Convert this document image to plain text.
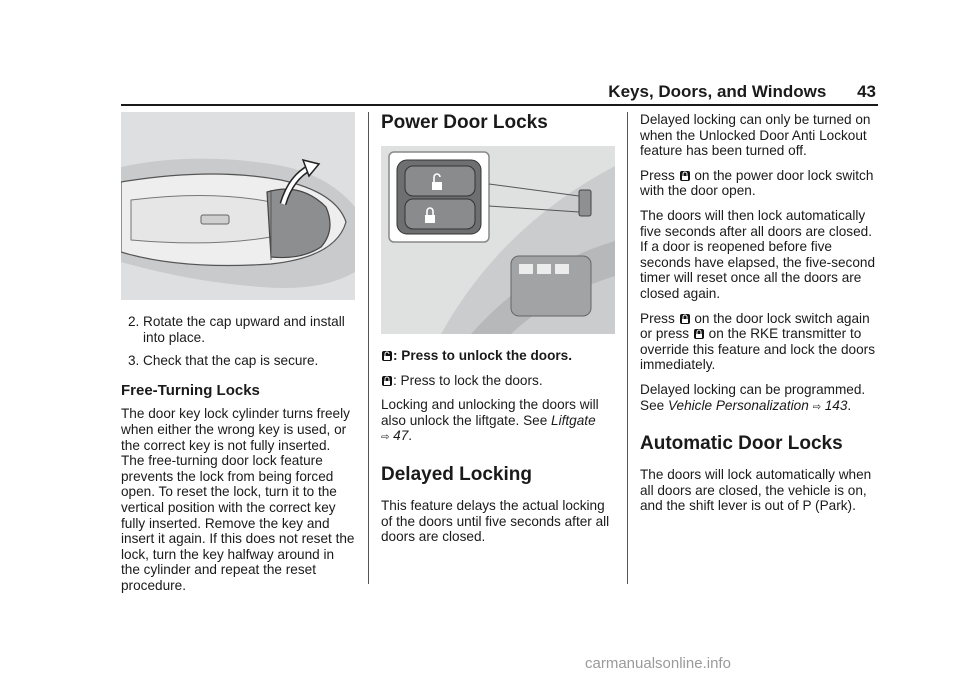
Keys, Doors, and Windows 43
2. Rotate the cap upward and install into place.
3. Check that the cap is secure.
Free-Turning Locks

The door key lock cylinder turns freely when either the wrong key is used, or the correct key is not fully inserted. The free-turning door lock feature prevents the lock from being forced open. To reset the lock, turn it to the vertical position with the correct key fully inserted. Remove the key and insert it again. If this does not reset the lock, turn the key halfway around in the cylinder and repeat the reset procedure.

Power Door Locks

: Press to unlock the doors.

: Press to lock the doors.

Locking and unlocking the doors will also unlock the liftgate. See Liftgate
⇨ 47.

Delayed Locking

This feature delays the actual locking of the doors until five seconds after all doors are closed.

Delayed locking can only be turned on when the Unlocked Door Anti Lockout feature has been turned off.

Press on the power door lock switch with the door open.

The doors will then lock automatically five seconds after all doors are closed. If a door is reopened before five seconds have elapsed, the five-second timer will reset once all the doors are closed again.

Press on the door lock switch again or press on the RKE transmitter to override this feature and lock the doors immediately.

Delayed locking can be programmed. See Vehicle Personalization ⇨ 143.

Automatic Door Locks

The doors will lock automatically when all doors are closed, the vehicle is on, and the shift lever is out of P (Park).

carmanualsonline.info
